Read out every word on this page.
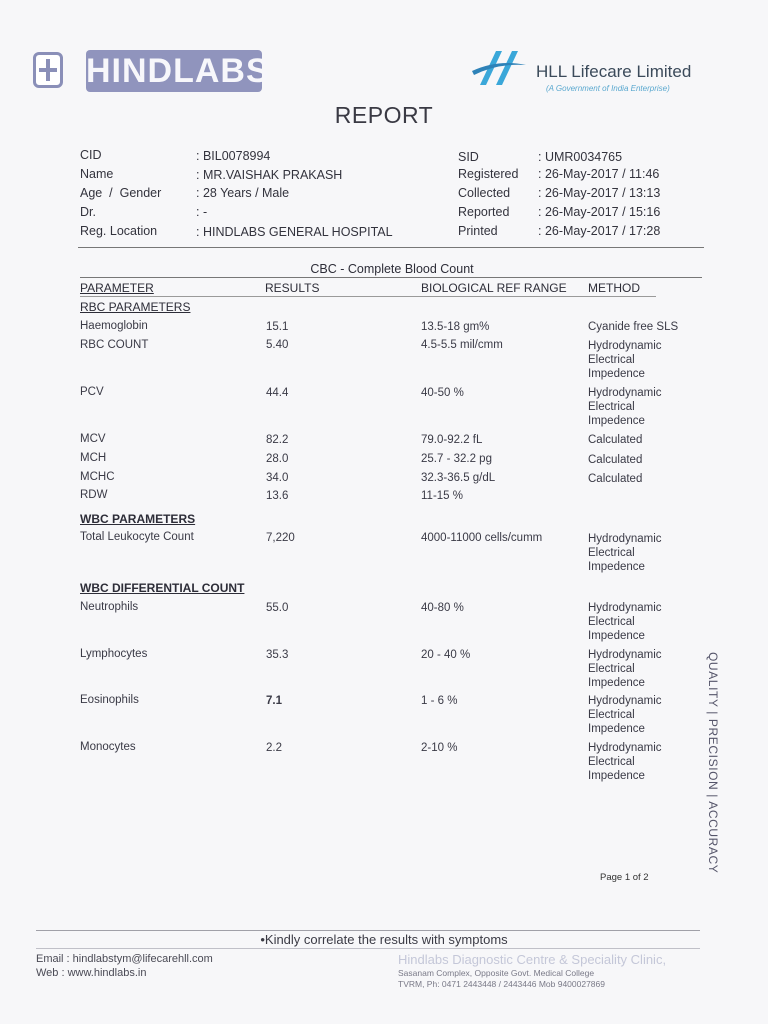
HINDLABS	HLL Lifecare Limited
(A Government of India Enterprise)
REPORT
CID	: BIL0078994
Name	: MR.VAISHAK PRAKASH
Age  /  Gender	: 28 Years / Male
Dr.	: -
Reg. Location	: HINDLABS GENERAL HOSPITAL
SID	: UMR0034765
Registered : 26-May-2017 / 11:46
Collected : 26-May-2017 / 13:13
Reported : 26-May-2017 / 15:16
Printed	: 26-May-2017 / 17:28
CBC - Complete Blood Count
PARAMETER	RESULTS	BIOLOGICAL REF RANGE METHOD
RBC PARAMETERS
WBC PARAMETERS
WBC DIFFERENTIAL COUNT
Haemoglobin	15.1	13.5-18 gm%	Cyanide free SLS
RBC COUNT	5.40	4.5-5.5 mil/cmm	Hydrodynamic
Electrical
Impedence
PCV	44.4	40-50 %	Hydrodynamic
Electrical
Impedence
MCV	82.2	79.0-92.2 fL	Calculated
MCH	28.0	25.7 - 32.2 pg	Calculated
MCHC	34.0	32.3-36.5 g/dL	Calculated
RDW	13.6	11-15 %
Total Leukocyte Count	7,220	4000-11000 cells/cumm	Hydrodynamic
Electrical
Impedence
Neutrophils	55.0	40-80 %	Hydrodynamic
Electrical
Impedence
Lymphocytes	35.3	20 - 40 %	Hydrodynamic
Electrical
Impedence
Eosinophils	7.1	1 - 6 %	Hydrodynamic
Electrical
Impedence
Monocytes	2.2	2-10 %	Hydrodynamic
Electrical
Impedence	QUALITY | PRECISION | ACCURACY
Page 1 of 2
•Kindly correlate the results with symptoms
Email : hindlabstym@lifecarehll.com
Web : www.hindlabs.in
Hindlabs Diagnostic Centre & Speciality Clinic,
Sasanam Complex, Opposite Govt. Medical College
TVRM, Ph: 0471 2443448 / 2443446 Mob 9400027869
